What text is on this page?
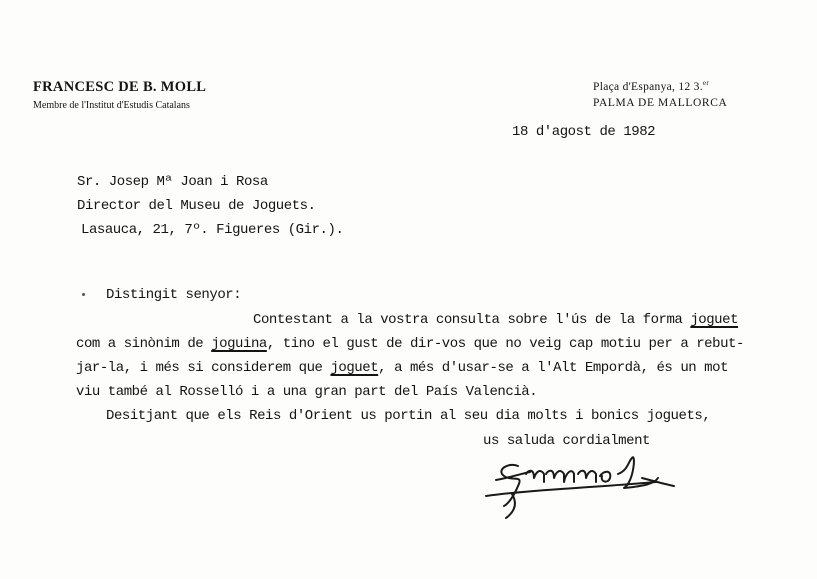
FRANCESC DE B. MOLL
Membre de l'Institut d'Estudis Catalans
Plaça d'Espanya, 12 3.$^{er}$
PALMA DE MALLORCA
18 d'agost de 1982
Sr. Josep Mª Joan i Rosa
Director del Museu de Joguets.
Lasauca, 21, 7º. Figueres (Gir.).
Distingit senyor:
Contestant a la vostra consulta sobre l'ús de la forma joguet
com a sinònim de joguina, tino el gust de dir-vos que no veig cap motiu per a rebut-
jar-la, i més si considerem que joguet, a més d'usar-se a l'Alt Empordà, és un mot
viu també al Rosselló i a una gran part del País Valencià.
Desitjant que els Reis d'Orient us portin al seu dia molts i bonics joguets,
us saluda cordialment
